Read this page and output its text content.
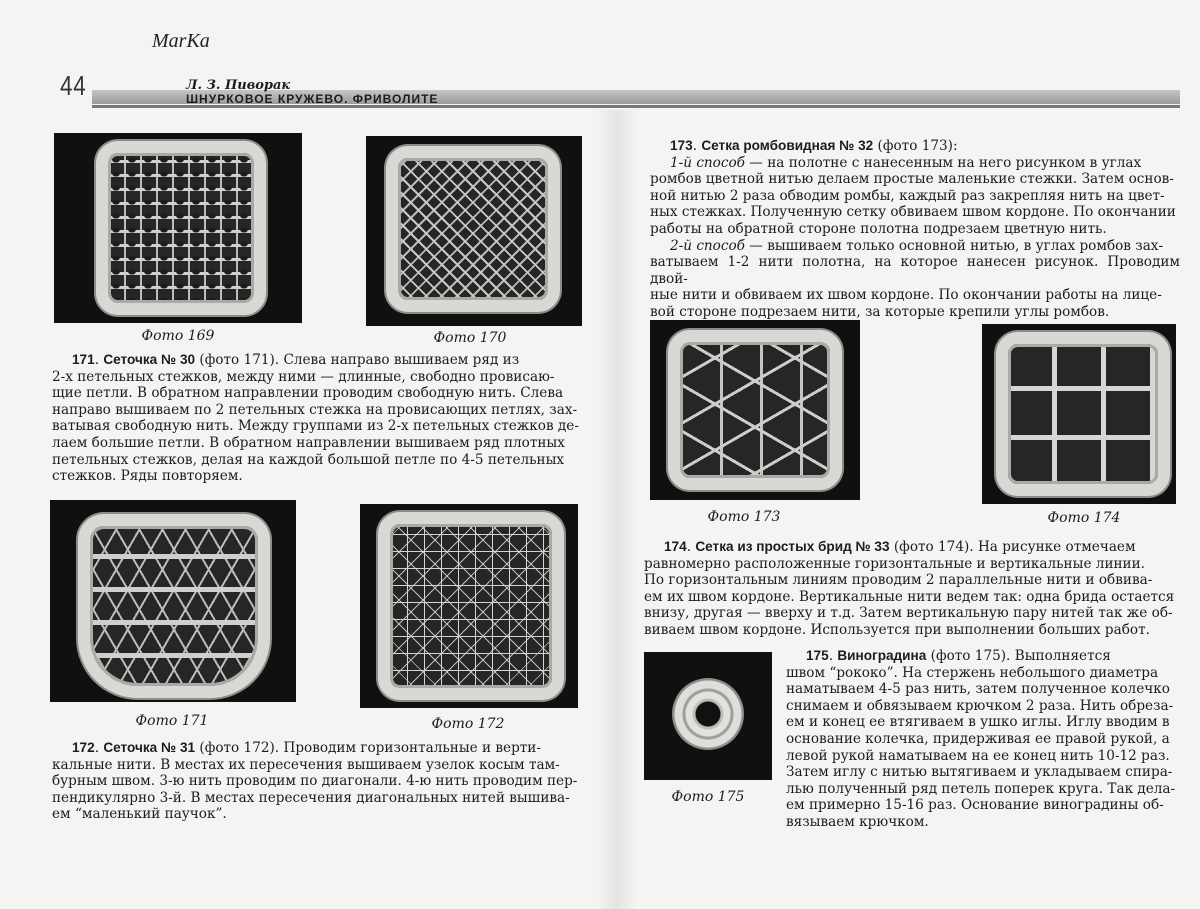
MarKa
44	Л. З. Пиворак
ШНУРКОВОЕ КРУЖЕВО. ФРИВОЛИТЕ
Фото 169	Фото 170

171. Сеточка № 30 (фото 171). Слева направо вышиваем ряд из

2-х петельных стежков, между ними — длинные, свободно провисаю-

щие петли. В обратном направлении проводим свободную нить. Слева

направо вышиваем по 2 петельных стежка на провисающих петлях, зах-

ватывая свободную нить. Между группами из 2-х петельных стежков де-

лаем большие петли. В обратном направлении вышиваем ряд плотных

петельных стежков, делая на каждой большой петле по 4-5 петельных

стежков. Ряды повторяем.

Фото 171	Фото 172

172. Сеточка № 31 (фото 172). Проводим горизонтальные и верти-

кальные нити. В местах их пересечения вышиваем узелок косым там-

бурным швом. 3-ю нить проводим по диагонали. 4-ю нить проводим пер-

пендикулярно 3-й. В местах пересечения диагональных нитей вышива-

ем “маленький паучок”.

173. Сетка ромбовидная № 32 (фото 173):

1-й способ — на полотне с нанесенным на него рисунком в углах

ромбов цветной нитью делаем простые маленькие стежки. Затем основ-

ной нитью 2 раза обводим ромбы, каждый раз закрепляя нить на цвет-

ных стежках. Полученную сетку обвиваем швом кордоне. По окончании

работы на обратной стороне полотна подрезаем цветную нить.

2-й способ — вышиваем только основной нитью, в углах ромбов зах-

ватываем 1-2 нити полотна, на которое нанесен рисунок. Проводим двой-

ные нити и обвиваем их швом кордоне. По окончании работы на лице-

вой стороне подрезаем нити, за которые крепили углы ромбов.

Фото 173	Фото 174

174. Сетка из простых брид № 33 (фото 174). На рисунке отмечаем

равномерно расположенные горизонтальные и вертикальные линии.

По горизонтальным линиям проводим 2 параллельные нити и обвива-

ем их швом кордоне. Вертикальные нити ведем так: одна брида остается

внизу, другая — вверху и т.д. Затем вертикальную пару нитей так же об-

виваем швом кордоне. Используется при выполнении больших работ.

Фото 175

175. Виноградина (фото 175). Выполняется

швом “рококо”. На стержень небольшого диаметра

наматываем 4-5 раз нить, затем полученное колечко

снимаем и обвязываем крючком 2 раза. Нить обреза-

ем и конец ее втягиваем в ушко иглы. Иглу вводим в

основание колечка, придерживая ее правой рукой, а

левой рукой наматываем на ее конец нить 10-12 раз.

Затем иглу с нитью вытягиваем и укладываем спира-

лью полученный ряд петель поперек круга. Так дела-

ем примерно 15-16 раз. Основание виноградины об-

вязываем крючком.
